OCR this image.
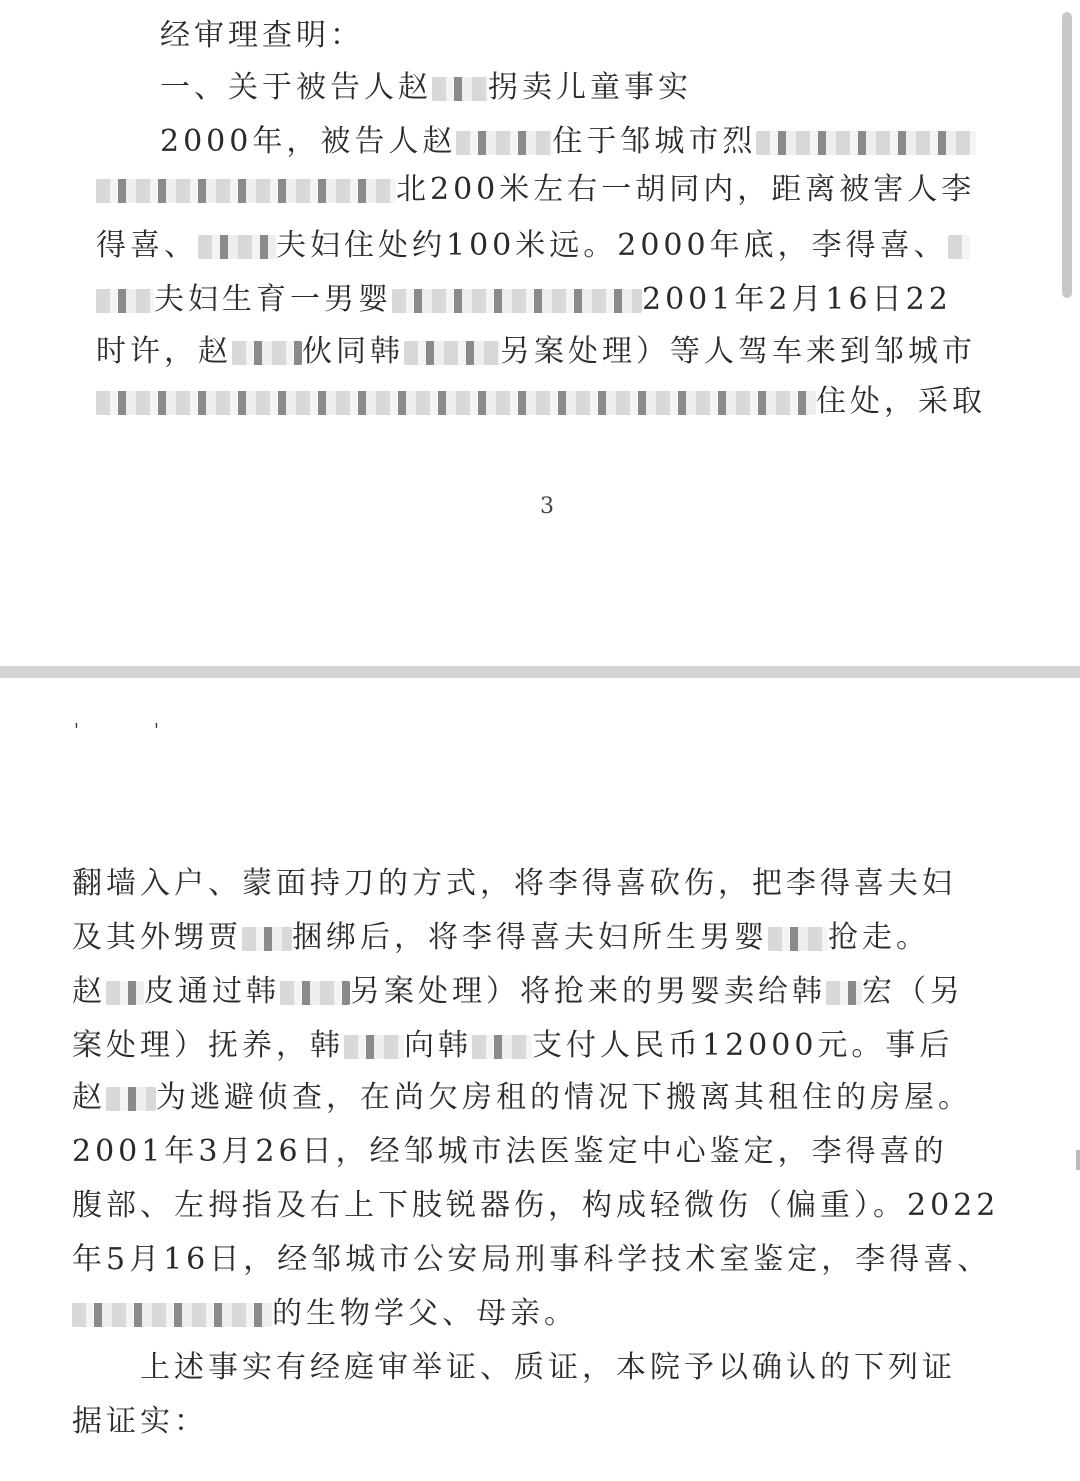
经审理查明：
一、关于被告人赵 拐卖儿童事实
2000年，被告人赵	住于邹城市烈
北200米左右一胡同内，距离被害人李
得喜、	夫妇住处约100米远。2000年底，李得喜、
夫妇生育一男婴	2001年2月16日22
时许，赵 伙同韩	另案处理）等人驾车来到邹城市
住处，采取
3
'	'
翻墙入户、蒙面持刀的方式，将李得喜砍伤，把李得喜夫妇
及其外甥贾 捆绑后，将李得喜夫妇所生男婴 抢走。
赵 皮通过韩 另案处理）将抢来的男婴卖给韩 宏（另
案处理）抚养，韩 向韩 支付人民币12000元。事后
赵 为逃避侦查，在尚欠房租的情况下搬离其租住的房屋。
2001年3月26日，经邹城市法医鉴定中心鉴定，李得喜的
腹部、左拇指及右上下肢锐器伤，构成轻微伤（偏重）。2022
年5月16日，经邹城市公安局刑事科学技术室鉴定，李得喜、
的生物学父、母亲。
上述事实有经庭审举证、质证，本院予以确认的下列证
据证实：
